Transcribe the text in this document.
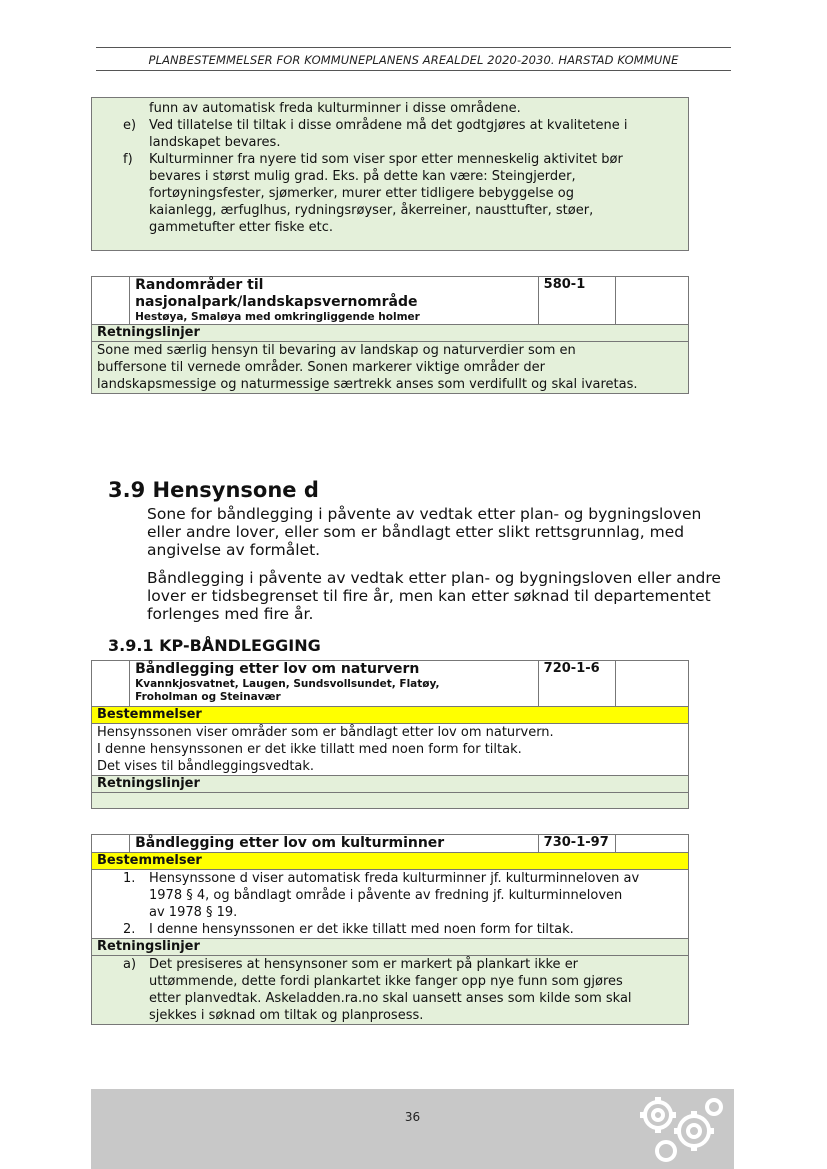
PLANBESTEMMELSER FOR KOMMUNEPLANENS AREALDEL 2020-2030. HARSTAD KOMMUNE
funn av automatisk freda kulturminner i disse områdene.
e) Ved tillatelse til tiltak i disse områdene må det godtgjøres at kvalitetene i
landskapet bevares.
f) Kulturminner fra nyere tid som viser spor etter menneskelig aktivitet bør
bevares i størst mulig grad. Eks. på dette kan være: Steingjerder,
fortøyningsfester, sjømerker, murer etter tidligere bebyggelse og
kaianlegg, ærfuglhus, rydningsrøyser, åkerreiner, nausttufter, støer,
gammetufter etter fiske etc.

Randområder til
nasjonalpark/landskapsvernområde
Hestøya, Smaløya med omkringliggende holmer
	580-1	
Retningslinjer

Sone med særlig hensyn til bevaring av landskap og naturverdier som en
buffersone til vernede områder. Sonen markerer viktige områder der
landskapsmessige og naturmessige særtrekk anses som verdifullt og skal ivaretas.
3.9 Hensynsone d
Sone for båndlegging i påvente av vedtak etter plan- og bygningsloven
eller andre lover, eller som er båndlagt etter slikt rettsgrunnlag, med
angivelse av formålet.
Båndlegging i påvente av vedtak etter plan- og bygningsloven eller andre
lover er tidsbegrenset til fire år, men kan etter søknad til departementet
forlenges med fire år.
3.9.1 KP-BÅNDLEGGING

Båndlegging etter lov om naturvern
Kvannkjosvatnet, Laugen, Sundsvollsundet, Flatøy,
Froholman og Steinavær
	720-1-6	
Bestemmelser

Hensynssonen viser områder som er båndlagt etter lov om naturvern.
I denne hensynssonen er det ikke tillatt med noen form for tiltak.
Det vises til båndleggingsvedtak.

Retningslinjer

Båndlegging etter lov om kulturminner	730-1-97	
Bestemmelser

1. Hensynssone d viser automatisk freda kulturminner jf. kulturminneloven av
1978 § 4, og båndlagt område i påvente av fredning jf. kulturminneloven
av 1978 § 19.
2. I denne hensynssonen er det ikke tillatt med noen form for tiltak.

Retningslinjer

a) Det presiseres at hensynsoner som er markert på plankart ikke er
uttømmende, dette fordi plankartet ikke fanger opp nye funn som gjøres
etter planvedtak. Askeladden.ra.no skal uansett anses som kilde som skal
sjekkes i søknad om tiltak og planprosess.
36
